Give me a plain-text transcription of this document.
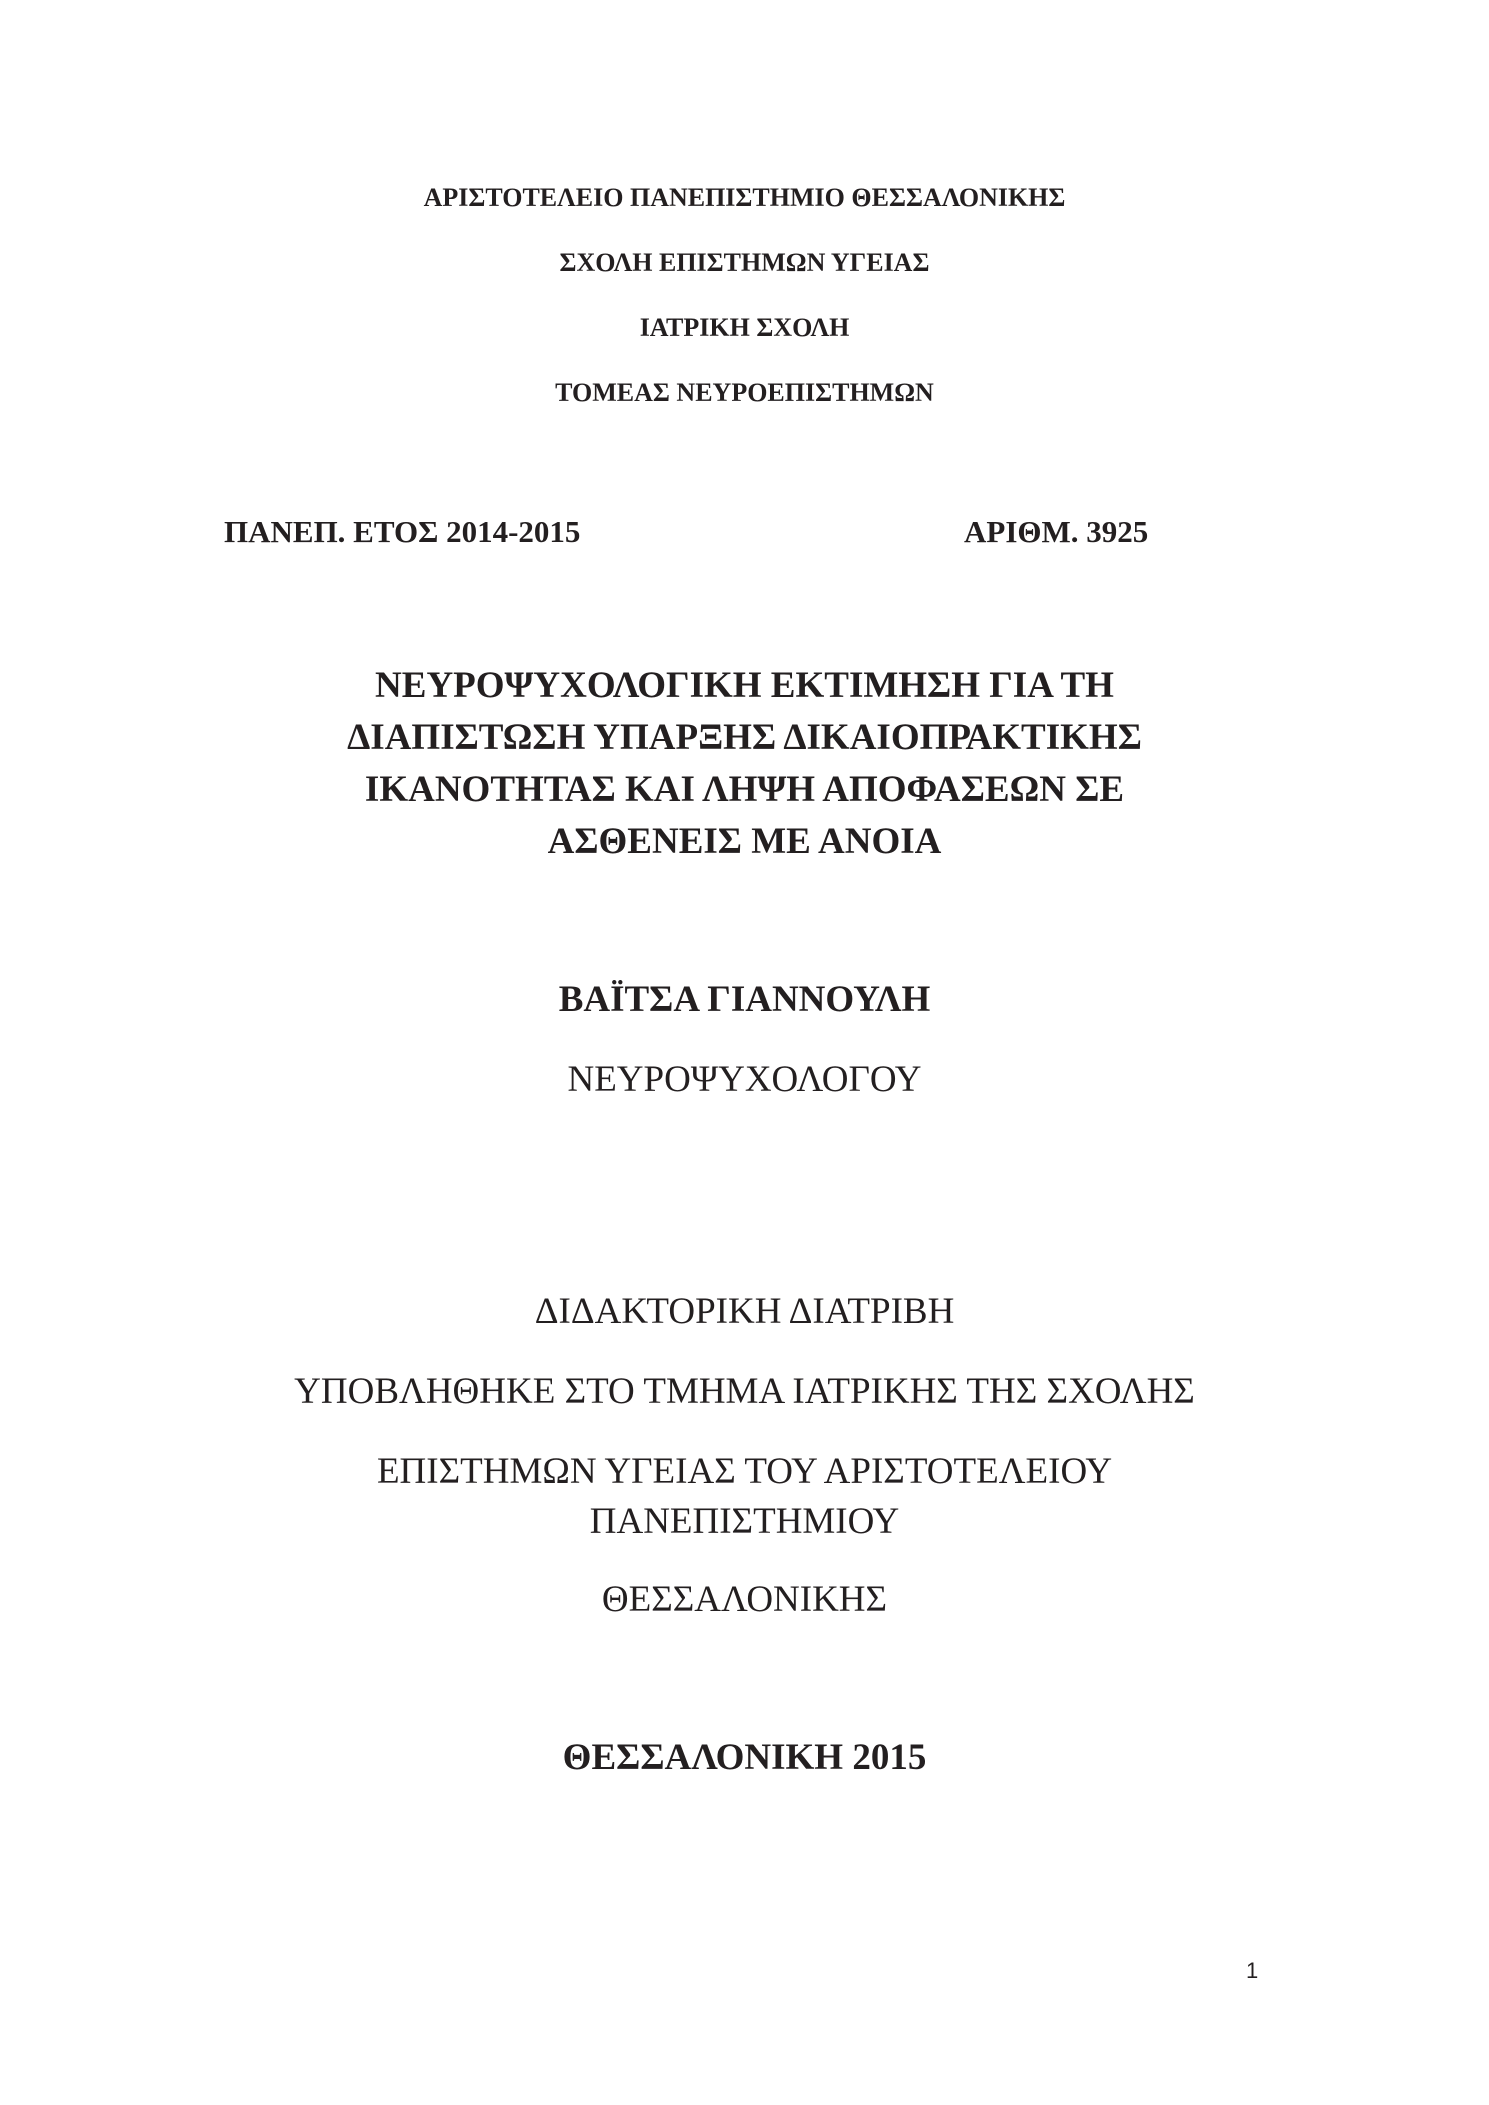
ΑΡΙΣΤΟΤΕΛΕΙΟ ΠΑΝΕΠΙΣΤΗΜΙΟ ΘΕΣΣΑΛΟΝΙΚΗΣ

ΣΧΟΛΗ ΕΠΙΣΤΗΜΩΝ ΥΓΕΙΑΣ

ΙΑΤΡΙΚΗ ΣΧΟΛΗ

ΤΟΜΕΑΣ ΝΕΥΡΟΕΠΙΣΤΗΜΩΝ

ΠΑΝΕΠ. ΕΤΟΣ 2014-2015	ΑΡΙΘΜ. 3925

ΝΕΥΡΟΨΥΧΟΛΟΓΙΚΗ ΕΚΤΙΜΗΣΗ ΓΙΑ ΤΗ
ΔΙΑΠΙΣΤΩΣΗ ΥΠΑΡΞΗΣ ΔΙΚΑΙΟΠΡΑΚΤΙΚΗΣ
ΙΚΑΝΟΤΗΤΑΣ ΚΑΙ ΛΗΨΗ ΑΠΟΦΑΣΕΩΝ ΣΕ
ΑΣΘΕΝΕΙΣ ΜΕ ΑΝΟΙΑ

ΒΑΪΤΣΑ ΓΙΑΝΝΟΥΛΗ

ΝΕΥΡΟΨΥΧΟΛΟΓΟΥ

ΔΙΔΑΚΤΟΡΙΚΗ ΔΙΑΤΡΙΒΗ

ΥΠΟΒΛΗΘΗΚΕ ΣΤΟ ΤΜΗΜΑ ΙΑΤΡΙΚΗΣ ΤΗΣ ΣΧΟΛΗΣ

ΕΠΙΣΤΗΜΩΝ ΥΓΕΙΑΣ ΤΟΥ ΑΡΙΣΤΟΤΕΛΕΙΟΥ

ΠΑΝΕΠΙΣΤΗΜΙΟΥ

ΘΕΣΣΑΛΟΝΙΚΗΣ

ΘΕΣΣΑΛΟΝΙΚΗ 2015

1
